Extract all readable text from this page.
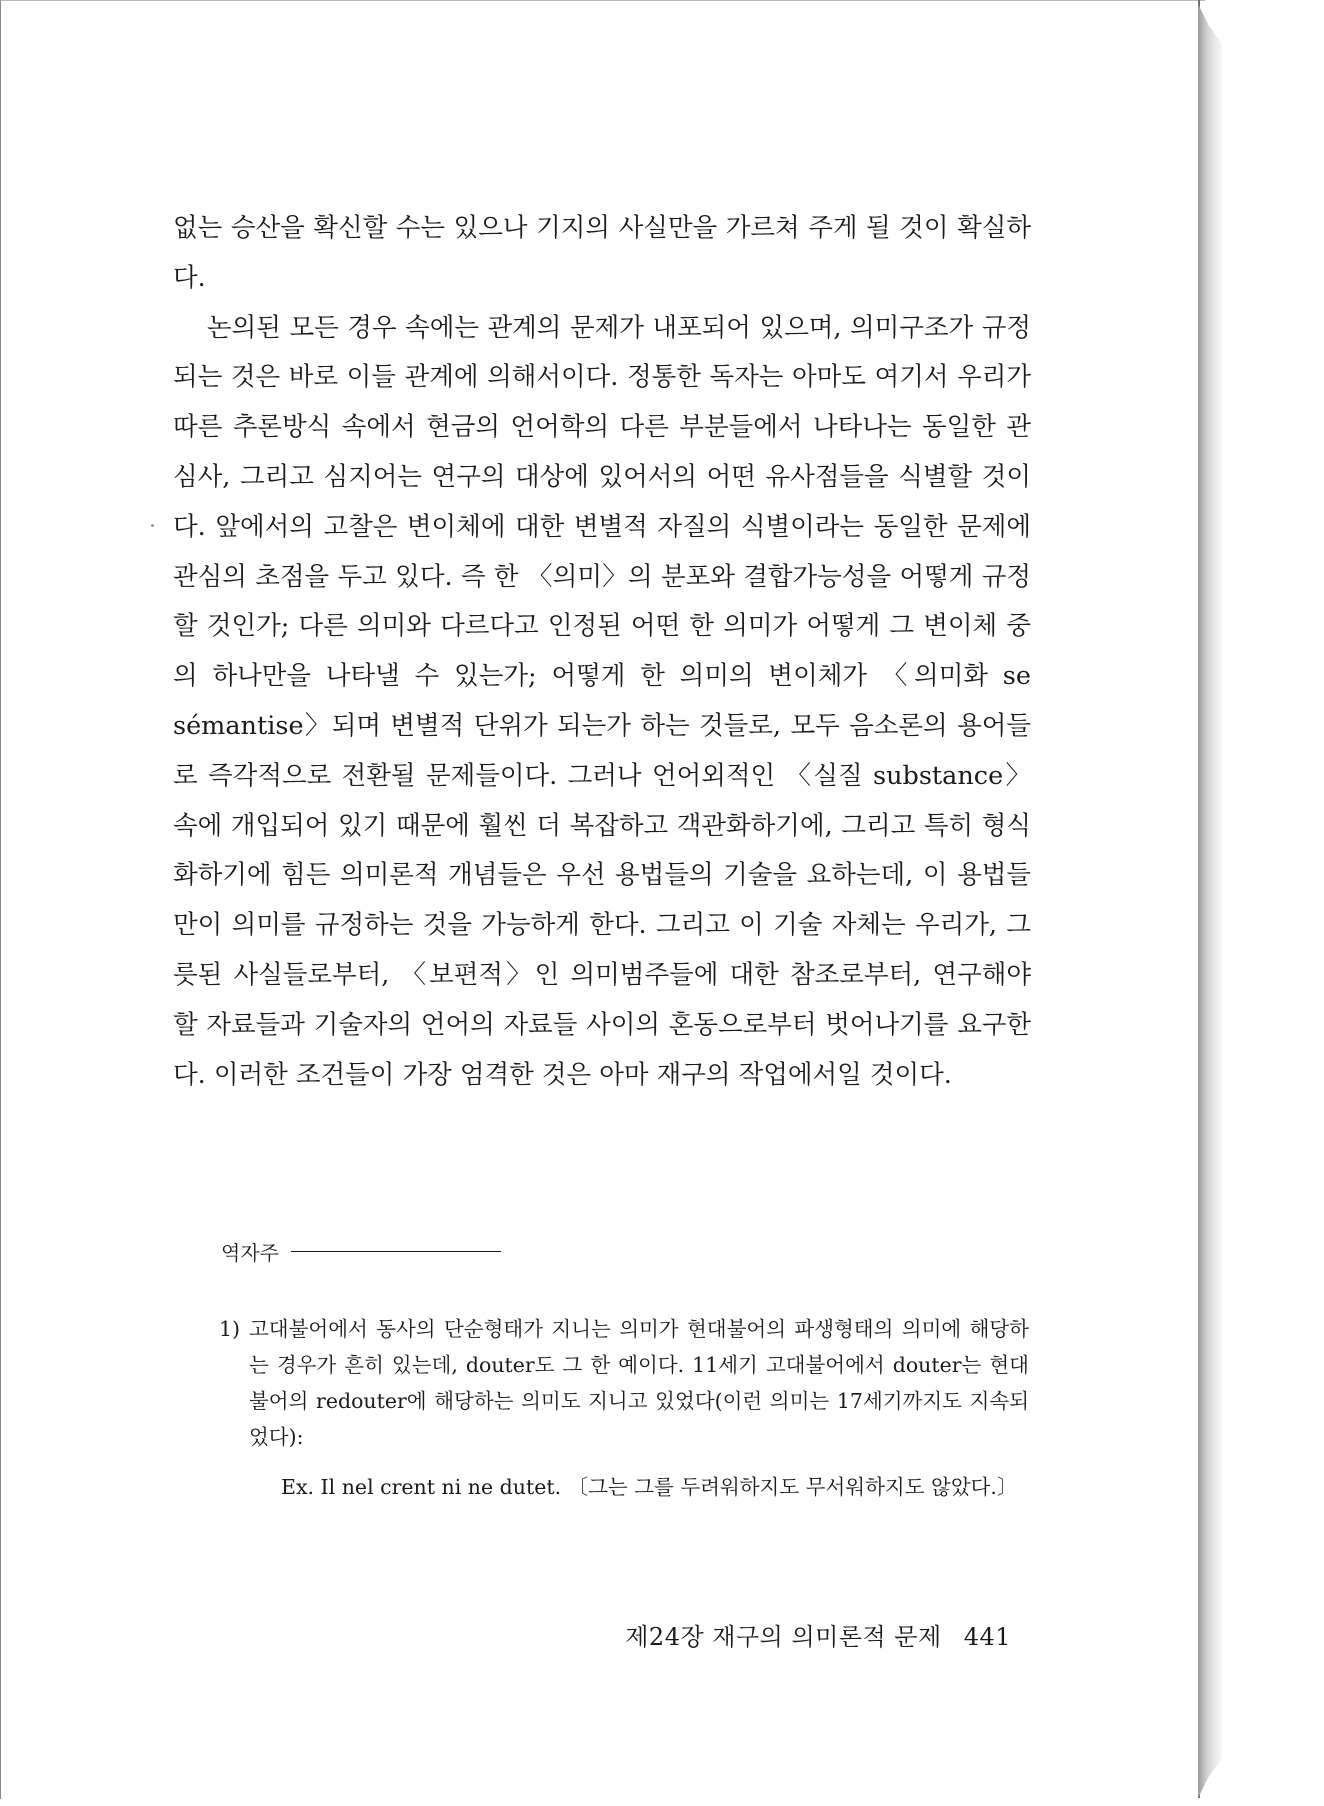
없는 승산을 확신할 수는 있으나 기지의 사실만을 가르쳐 주게 될 것이 확실하다.

논의된 모든 경우 속에는 관계의 문제가 내포되어 있으며, 의미구조가 규정되는 것은 바로 이들 관계에 의해서이다. 정통한 독자는 아마도 여기서 우리가 따른 추론방식 속에서 현금의 언어학의 다른 부분들에서 나타나는 동일한 관심사, 그리고 심지어는 연구의 대상에 있어서의 어떤 유사점들을 식별할 것이다. 앞에서의 고찰은 변이체에 대한 변별적 자질의 식별이라는 동일한 문제에 관심의 초점을 두고 있다. 즉 한 〈의미〉의 분포와 결합가능성을 어떻게 규정할 것인가; 다른 의미와 다르다고 인정된 어떤 한 의미가 어떻게 그 변이체 중의 하나만을 나타낼 수 있는가; 어떻게 한 의미의 변이체가 〈의미화 se sémantise〉되며 변별적 단위가 되는가 하는 것들로, 모두 음소론의 용어들로 즉각적으로 전환될 문제들이다. 그러나 언어외적인 〈실질 substance〉 속에 개입되어 있기 때문에 훨씬 더 복잡하고 객관화하기에, 그리고 특히 형식화하기에 힘든 의미론적 개념들은 우선 용법들의 기술을 요하는데, 이 용법들만이 의미를 규정하는 것을 가능하게 한다. 그리고 이 기술 자체는 우리가, 그릇된 사실들로부터, 〈보편적〉인 의미범주들에 대한 참조로부터, 연구해야 할 자료들과 기술자의 언어의 자료들 사이의 혼동으로부터 벗어나기를 요구한다. 이러한 조건들이 가장 엄격한 것은 아마 재구의 작업에서일 것이다.

역자주
1) 고대불어에서 동사의 단순형태가 지니는 의미가 현대불어의 파생형태의 의미에 해당하는 경우가 흔히 있는데, douter도 그 한 예이다. 11세기 고대불어에서 douter는 현대불어의 redouter에 해당하는 의미도 지니고 있었다(이런 의미는 17세기까지도 지속되었다):
Ex. Il nel crent ni ne dutet. 〔그는 그를 두려워하지도 무서워하지도 않았다.〕
제24장 재구의 의미론적 문제 441
